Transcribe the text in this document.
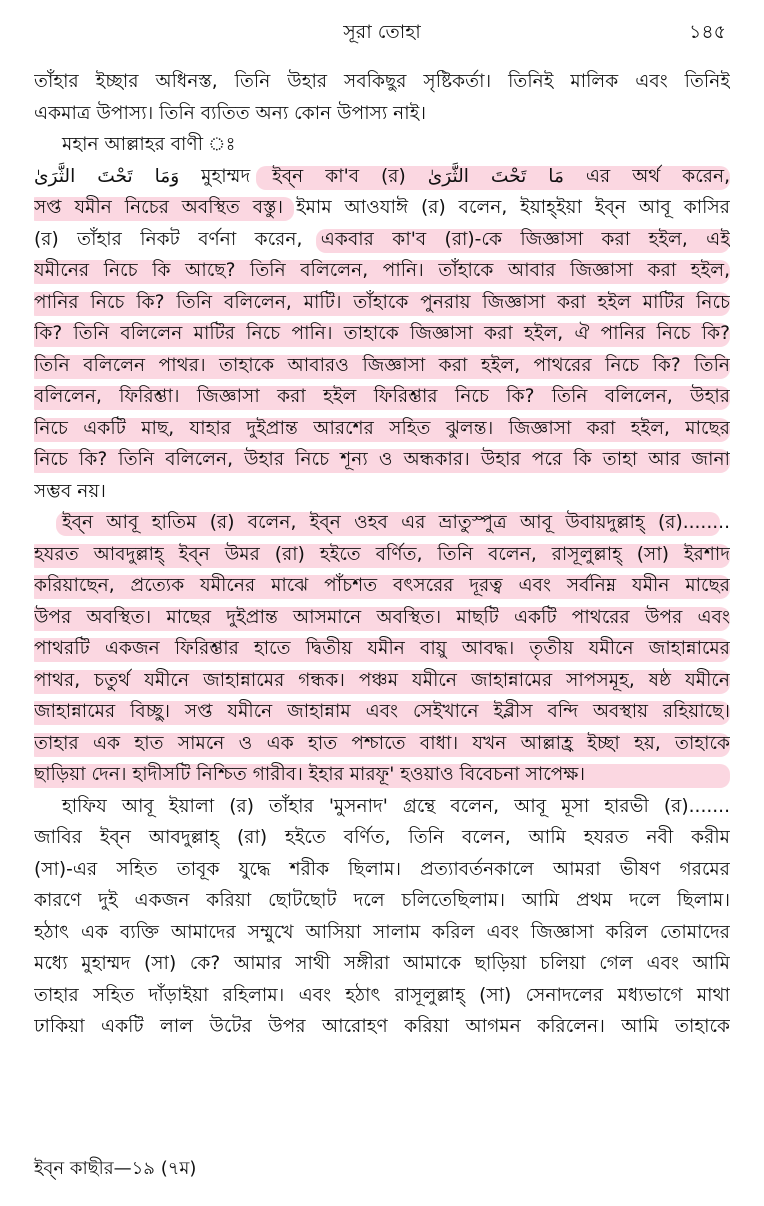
সূরা তোহা	১৪৫
তাঁহার ইচ্ছার অধিনস্ত, তিনি উহার সবকিছুর সৃষ্টিকর্তা। তিনিই মালিক এবং তিনিই
একমাত্র উপাস্য। তিনি ব্যতিত অন্য কোন উপাস্য নাই।
মহান আল্লাহর বাণী ঃ
وَمَا تَحْتَ الثَّرَىٰ মুহাম্মদ ইব্ন কা'ব (র) مَا تَحْتَ الثَّرَىٰ এর অর্থ করেন,
সপ্ত যমীন নিচের অবস্থিত বস্তু। ইমাম আওযাঈ (র) বলেন, ইয়াহ্ইয়া ইব্ন আবূ কাসির
(র) তাঁহার নিকট বর্ণনা করেন, একবার কা'ব (রা)-কে জিজ্ঞাসা করা হইল, এই
যমীনের নিচে কি আছে? তিনি বলিলেন, পানি। তাঁহাকে আবার জিজ্ঞাসা করা হইল,
পানির নিচে কি? তিনি বলিলেন, মাটি। তাঁহাকে পুনরায় জিজ্ঞাসা করা হইল মাটির নিচে
কি? তিনি বলিলেন মাটির নিচে পানি। তাহাকে জিজ্ঞাসা করা হইল, ঐ পানির নিচে কি?
তিনি বলিলেন পাথর। তাহাকে আবারও জিজ্ঞাসা করা হইল, পাথরের নিচে কি? তিনি
বলিলেন, ফিরিশ্তা। জিজ্ঞাসা করা হইল ফিরিশ্তার নিচে কি? তিনি বলিলেন, উহার
নিচে একটি মাছ, যাহার দুইপ্রান্ত আরশের সহিত ঝুলন্ত। জিজ্ঞাসা করা হইল, মাছের
নিচে কি? তিনি বলিলেন, উহার নিচে শূন্য ও অন্ধকার। উহার পরে কি তাহা আর জানা
সম্ভব নয়।
ইব্ন আবূ হাতিম (র) বলেন, ইব্ন ওহব এর ভ্রাতুস্পুত্র আবূ উবায়দুল্লাহ্ (র)........
হযরত আবদুল্লাহ্ ইব্ন উমর (রা) হইতে বর্ণিত, তিনি বলেন, রাসূলুল্লাহ্ (সা) ইরশাদ
করিয়াছেন, প্রত্যেক যমীনের মাঝে পাঁচশত বৎসরের দূরত্ব এবং সর্বনিম্ন যমীন মাছের
উপর অবস্থিত। মাছের দুইপ্রান্ত আসমানে অবস্থিত। মাছটি একটি পাথরের উপর এবং
পাথরটি একজন ফিরিশ্তার হাতে দ্বিতীয় যমীন বায়ু আবদ্ধ। তৃতীয় যমীনে জাহান্নামের
পাথর, চতুর্থ যমীনে জাহান্নামের গন্ধক। পঞ্চম যমীনে জাহান্নামের সাপসমূহ, ষষ্ঠ যমীনে
জাহান্নামের বিচ্ছু। সপ্ত যমীনে জাহান্নাম এবং সেইখানে ইব্লীস বন্দি অবস্থায় রহিয়াছে।
তাহার এক হাত সামনে ও এক হাত পশ্চাতে বাধা। যখন আল্লাহ্র ইচ্ছা হয়, তাহাকে
ছাড়িয়া দেন। হাদীসটি নিশ্চিত গারীব। ইহার মারফূ' হওয়াও বিবেচনা সাপেক্ষ।
হাফিয আবূ ইয়ালা (র) তাঁহার 'মুসনাদ' গ্রন্থে বলেন, আবূ মূসা হারভী (র).......
জাবির ইব্ন আবদুল্লাহ্ (রা) হইতে বর্ণিত, তিনি বলেন, আমি হযরত নবী করীম
(সা)-এর সহিত তাবূক যুদ্ধে শরীক ছিলাম। প্রত্যাবর্তনকালে আমরা ভীষণ গরমের
কারণে দুই একজন করিয়া ছোটছোট দলে চলিতেছিলাম। আমি প্রথম দলে ছিলাম।
হঠাৎ এক ব্যক্তি আমাদের সম্মুখে আসিয়া সালাম করিল এবং জিজ্ঞাসা করিল তোমাদের
মধ্যে মুহাম্মদ (সা) কে? আমার সাথী সঙ্গীরা আমাকে ছাড়িয়া চলিয়া গেল এবং আমি
তাহার সহিত দাঁড়াইয়া রহিলাম। এবং হঠাৎ রাসূলুল্লাহ্ (সা) সেনাদলের মধ্যভাগে মাথা
ঢাকিয়া একটি লাল উটের উপর আরোহণ করিয়া আগমন করিলেন। আমি তাহাকে
ইব্ন কাছীর—১৯ (৭ম)
